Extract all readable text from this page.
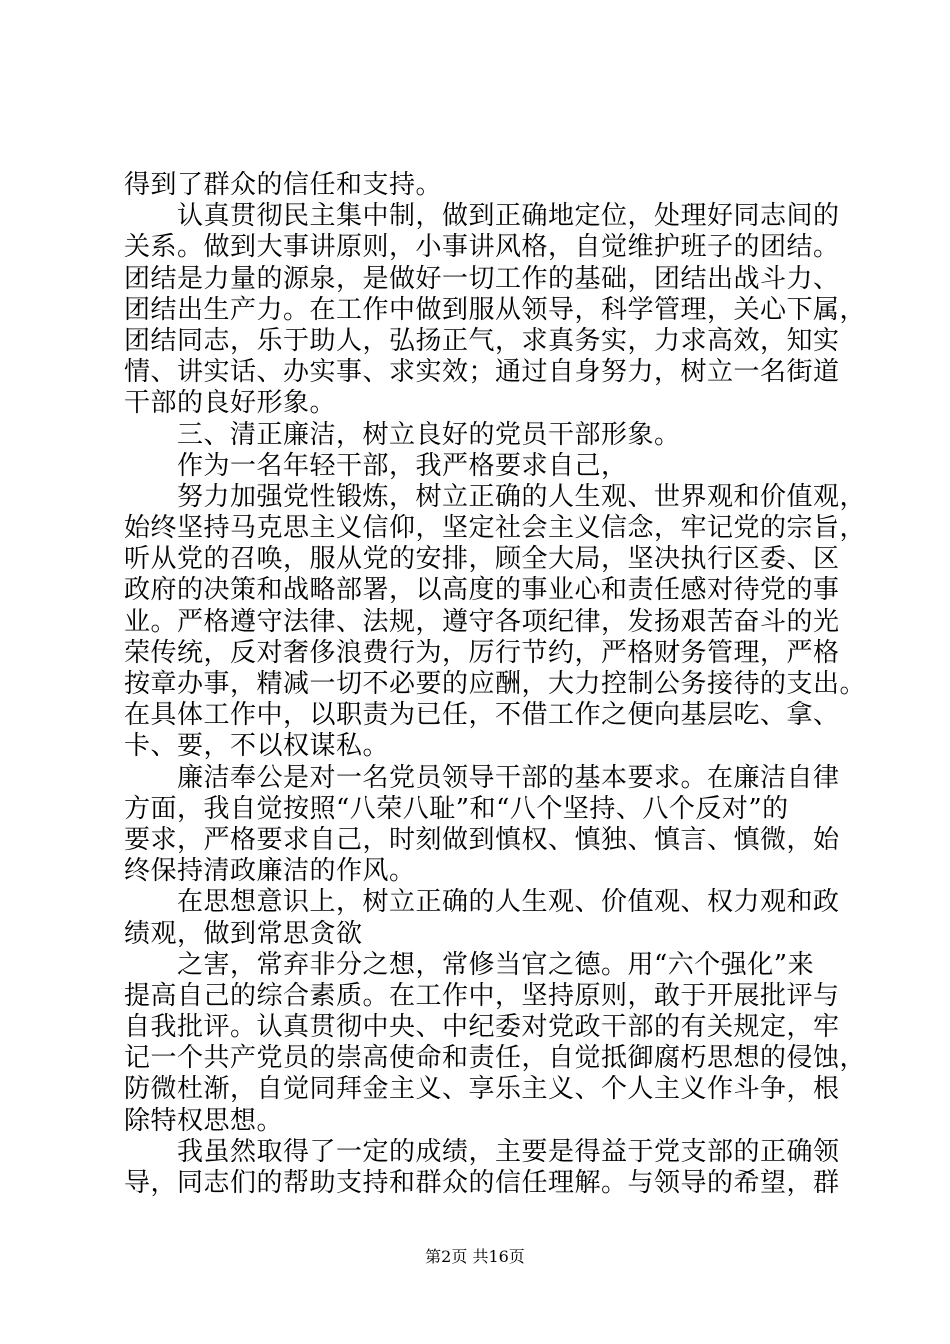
得到了群众的信任和支持。
　　认真贯彻民主集中制，做到正确地定位，处理好同志间的
关系。做到大事讲原则，小事讲风格，自觉维护班子的团结。
团结是力量的源泉，是做好一切工作的基础，团结出战斗力、
团结出生产力。在工作中做到服从领导，科学管理，关心下属，
团结同志，乐于助人，弘扬正气，求真务实，力求高效，知实
情、讲实话、办实事、求实效；通过自身努力，树立一名街道
干部的良好形象。
　　三、清正廉洁，树立良好的党员干部形象。
　　作为一名年轻干部，我严格要求自己，
　　努力加强党性锻炼，树立正确的人生观、世界观和价值观，
始终坚持马克思主义信仰，坚定社会主义信念，牢记党的宗旨，
听从党的召唤，服从党的安排，顾全大局，坚决执行区委、区
政府的决策和战略部署，以高度的事业心和责任感对待党的事
业。严格遵守法律、法规，遵守各项纪律，发扬艰苦奋斗的光
荣传统，反对奢侈浪费行为，厉行节约，严格财务管理，严格
按章办事，精减一切不必要的应酬，大力控制公务接待的支出。
在具体工作中，以职责为已任，不借工作之便向基层吃、拿、
卡、要，不以权谋私。
　　廉洁奉公是对一名党员领导干部的基本要求。在廉洁自律
方面，我自觉按照“八荣八耻”和“八个坚持、八个反对”的
要求，严格要求自己，时刻做到慎权、慎独、慎言、慎微，始
终保持清政廉洁的作风。
　　在思想意识上，树立正确的人生观、价值观、权力观和政
绩观，做到常思贪欲
　　之害，常弃非分之想，常修当官之德。用“六个强化”来
提高自己的综合素质。在工作中，坚持原则，敢于开展批评与
自我批评。认真贯彻中央、中纪委对党政干部的有关规定，牢
记一个共产党员的崇高使命和责任，自觉抵御腐朽思想的侵蚀，
防微杜渐，自觉同拜金主义、享乐主义、个人主义作斗争，根
除特权思想。
　　我虽然取得了一定的成绩，主要是得益于党支部的正确领
导，同志们的帮助支持和群众的信任理解。与领导的希望，群
第2页 共16页
